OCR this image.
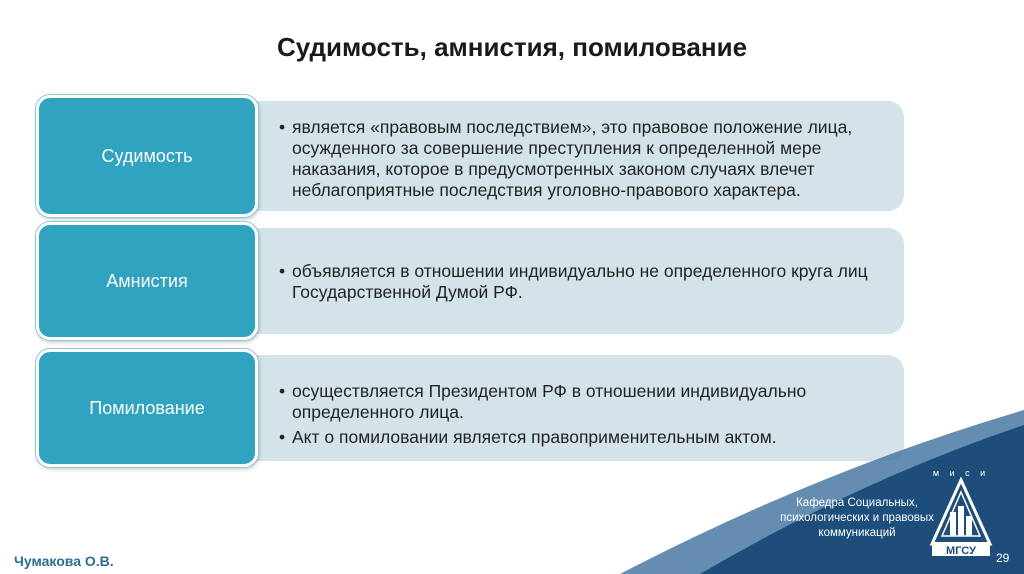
Судимость, амнистия, помилование
• является «правовым последствием», это правовое положение лица, осужденного за совершение преступления к определенной мере наказания, которое в предусмотренных законом случаях влечет неблагоприятные последствия уголовно-правового характера.
Судимость
• объявляется в отношении индивидуально не определенного круга лиц Государственной Думой РФ.
Амнистия
• осуществляется Президентом РФ в отношении индивидуально определенного лица.
• Акт о помиловании является правоприменительным актом.
Помилование
Кафедра Социальных, психологических и правовых коммуникаций
м и с и
МГСУ
Чумакова О.В.	29
